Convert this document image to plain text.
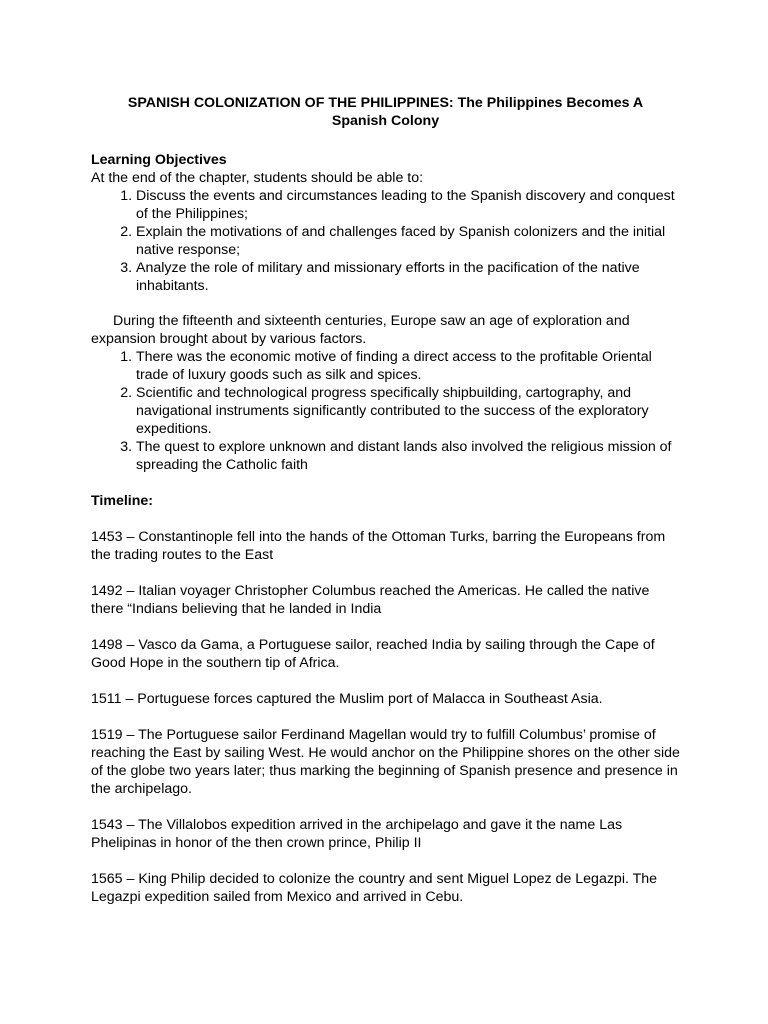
SPANISH COLONIZATION OF THE PHILIPPINES: The Philippines Becomes A Spanish Colony
Learning Objectives

At the end of the chapter, students should be able to:

1. Discuss the events and circumstances leading to the Spanish discovery and conquest of the Philippines;
2. Explain the motivations of and challenges faced by Spanish colonizers and the initial native response;
3. Analyze the role of military and missionary efforts in the pacification of the native inhabitants.

During the fifteenth and sixteenth centuries, Europe saw an age of exploration and expansion brought about by various factors.

1. There was the economic motive of finding a direct access to the profitable Oriental trade of luxury goods such as silk and spices.
2. Scientific and technological progress specifically shipbuilding, cartography, and navigational instruments significantly contributed to the success of the exploratory expeditions.
3. The quest to explore unknown and distant lands also involved the religious mission of spreading the Catholic faith
Timeline:

1453 – Constantinople fell into the hands of the Ottoman Turks, barring the Europeans from the trading routes to the East

1492 – Italian voyager Christopher Columbus reached the Americas. He called the native there “Indians believing that he landed in India

1498 – Vasco da Gama, a Portuguese sailor, reached India by sailing through the Cape of Good Hope in the southern tip of Africa.

1511 – Portuguese forces captured the Muslim port of Malacca in Southeast Asia.

1519 – The Portuguese sailor Ferdinand Magellan would try to fulfill Columbus’ promise of reaching the East by sailing West. He would anchor on the Philippine shores on the other side of the globe two years later; thus marking the beginning of Spanish presence and presence in the archipelago.

1543 – The Villalobos expedition arrived in the archipelago and gave it the name Las Phelipinas in honor of the then crown prince, Philip II

1565 – King Philip decided to colonize the country and sent Miguel Lopez de Legazpi. The Legazpi expedition sailed from Mexico and arrived in Cebu.
